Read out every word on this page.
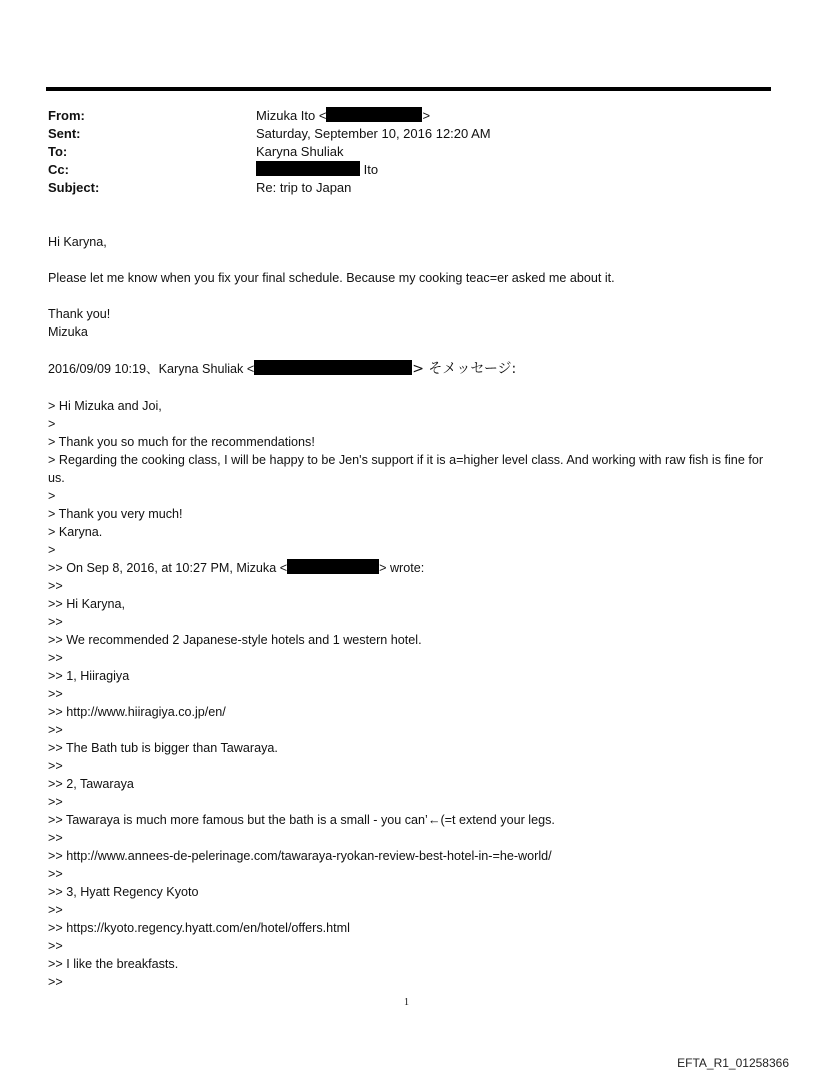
From:	Mizuka Ito <	>
Sent:	Saturday, September 10, 2016 12:20 AM
To:	Karyna Shuliak
Cc:	Ito
Subject:	Re: trip to Japan
Hi Karyna,
Please let me know when you fix your final schedule. Because my cooking teac=er asked me about it.
Thank you!
Mizuka
2016/09/09 10:19、Karyna Shuliak <	> そメッセージ:
> Hi Mizuka and Joi,
>
> Thank you so much for the recommendations!
> Regarding the cooking class, I will be happy to be Jen's support if it is a=higher level class. And working with raw fish is fine for us.
>
> Thank you very much!
> Karyna.
>
>> On Sep 8, 2016, at 10:27 PM, Mizuka <	> wrote:
>>
>> Hi Karyna,
>>
>> We recommended 2 Japanese-style hotels and 1 western hotel.
>>
>> 1, Hiiragiya
>>
>> http://www.hiiragiya.co.jp/en/
>>
>> The Bath tub is bigger than Tawaraya.
>>
>> 2, Tawaraya
>>
>> Tawaraya is much more famous but the bath is a small - you can’←(=t extend your legs.
>>
>> http://www.annees-de-pelerinage.com/tawaraya-ryokan-review-best-hotel-in-=he-world/
>>
>> 3, Hyatt Regency Kyoto
>>
>> https://kyoto.regency.hyatt.com/en/hotel/offers.html
>>
>> I like the breakfasts.
>>
1
EFTA_R1_01258366
